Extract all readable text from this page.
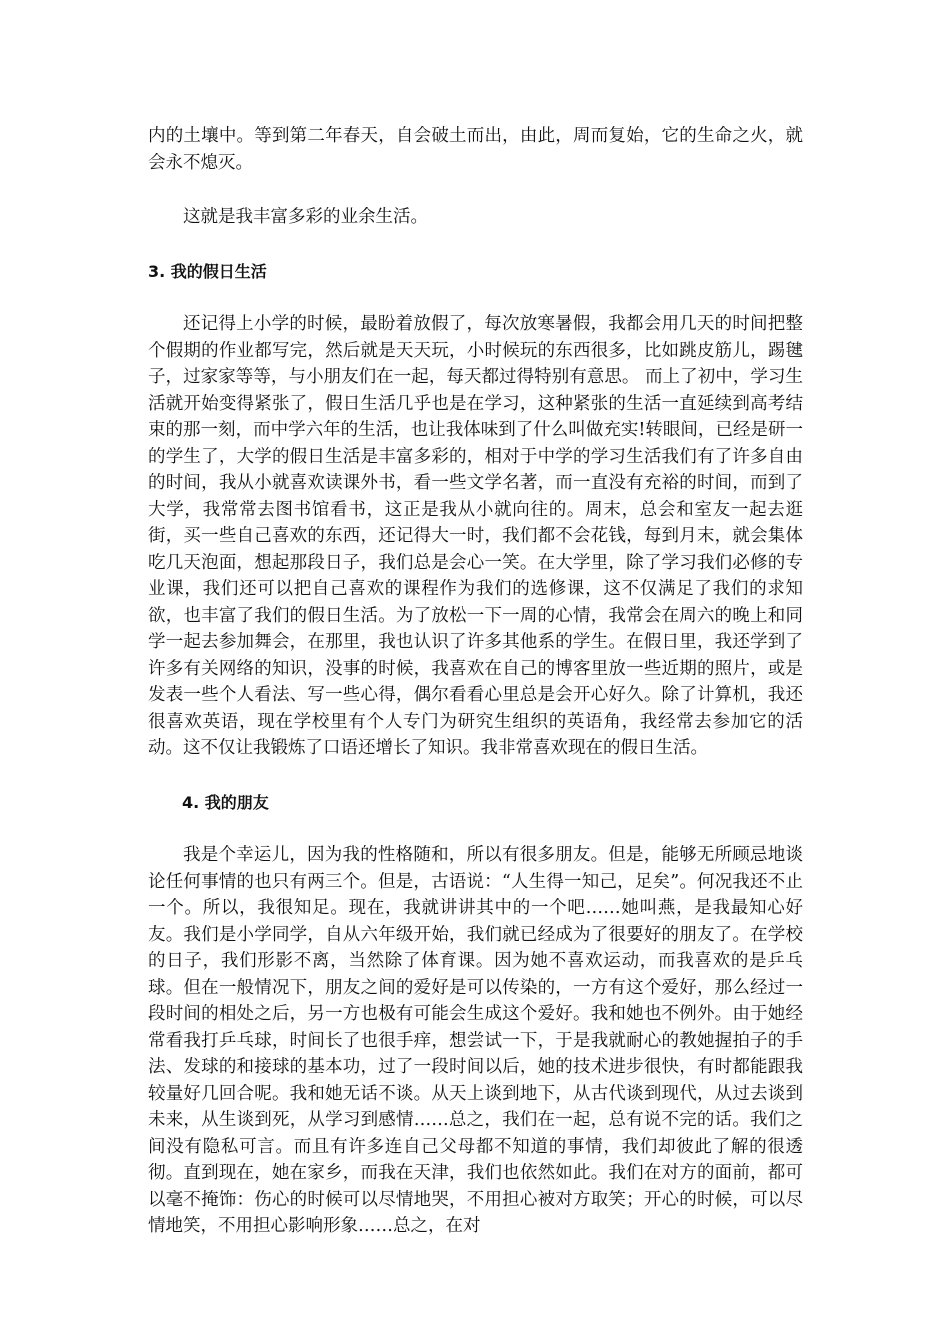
内的土壤中。等到第二年春天，自会破土而出，由此，周而复始，它的生命之火，就会永不熄灭。

这就是我丰富多彩的业余生活。

3. 我的假日生活

还记得上小学的时候，最盼着放假了，每次放寒暑假，我都会用几天的时间把整个假期的作业都写完，然后就是天天玩，小时候玩的东西很多，比如跳皮筋儿，踢毽子，过家家等等，与小朋友们在一起，每天都过得特别有意思。 而上了初中，学习生活就开始变得紧张了，假日生活几乎也是在学习，这种紧张的生活一直延续到高考结束的那一刻，而中学六年的生活，也让我体味到了什么叫做充实!转眼间，已经是研一的学生了，大学的假日生活是丰富多彩的，相对于中学的学习生活我们有了许多自由的时间，我从小就喜欢读课外书，看一些文学名著，而一直没有充裕的时间，而到了大学，我常常去图书馆看书，这正是我从小就向往的。周末，总会和室友一起去逛街，买一些自己喜欢的东西，还记得大一时，我们都不会花钱，每到月末，就会集体吃几天泡面，想起那段日子，我们总是会心一笑。在大学里，除了学习我们必修的专业课，我们还可以把自己喜欢的课程作为我们的选修课，这不仅满足了我们的求知欲，也丰富了我们的假日生活。为了放松一下一周的心情，我常会在周六的晚上和同学一起去参加舞会，在那里，我也认识了许多其他系的学生。在假日里，我还学到了许多有关网络的知识，没事的时候，我喜欢在自己的博客里放一些近期的照片，或是发表一些个人看法、写一些心得，偶尔看看心里总是会开心好久。除了计算机，我还很喜欢英语，现在学校里有个人专门为研究生组织的英语角，我经常去参加它的活动。这不仅让我锻炼了口语还增长了知识。我非常喜欢现在的假日生活。

4. 我的朋友

我是个幸运儿，因为我的性格随和，所以有很多朋友。但是，能够无所顾忌地谈论任何事情的也只有两三个。但是，古语说：“人生得一知己，足矣”。何况我还不止一个。所以，我很知足。现在，我就讲讲其中的一个吧……她叫燕，是我最知心好友。我们是小学同学，自从六年级开始，我们就已经成为了很要好的朋友了。在学校的日子，我们形影不离，当然除了体育课。因为她不喜欢运动，而我喜欢的是乒乓球。但在一般情况下，朋友之间的爱好是可以传染的，一方有这个爱好，那么经过一段时间的相处之后，另一方也极有可能会生成这个爱好。我和她也不例外。由于她经常看我打乒乓球，时间长了也很手痒，想尝试一下，于是我就耐心的教她握拍子的手法、发球的和接球的基本功，过了一段时间以后，她的技术进步很快，有时都能跟我较量好几回合呢。我和她无话不谈。从天上谈到地下，从古代谈到现代，从过去谈到未来，从生谈到死，从学习到感情……总之，我们在一起，总有说不完的话。我们之间没有隐私可言。而且有许多连自己父母都不知道的事情，我们却彼此了解的很透彻。直到现在，她在家乡，而我在天津，我们也依然如此。我们在对方的面前，都可以毫不掩饰：伤心的时候可以尽情地哭，不用担心被对方取笑；开心的时候，可以尽情地笑，不用担心影响形象……总之，在对
